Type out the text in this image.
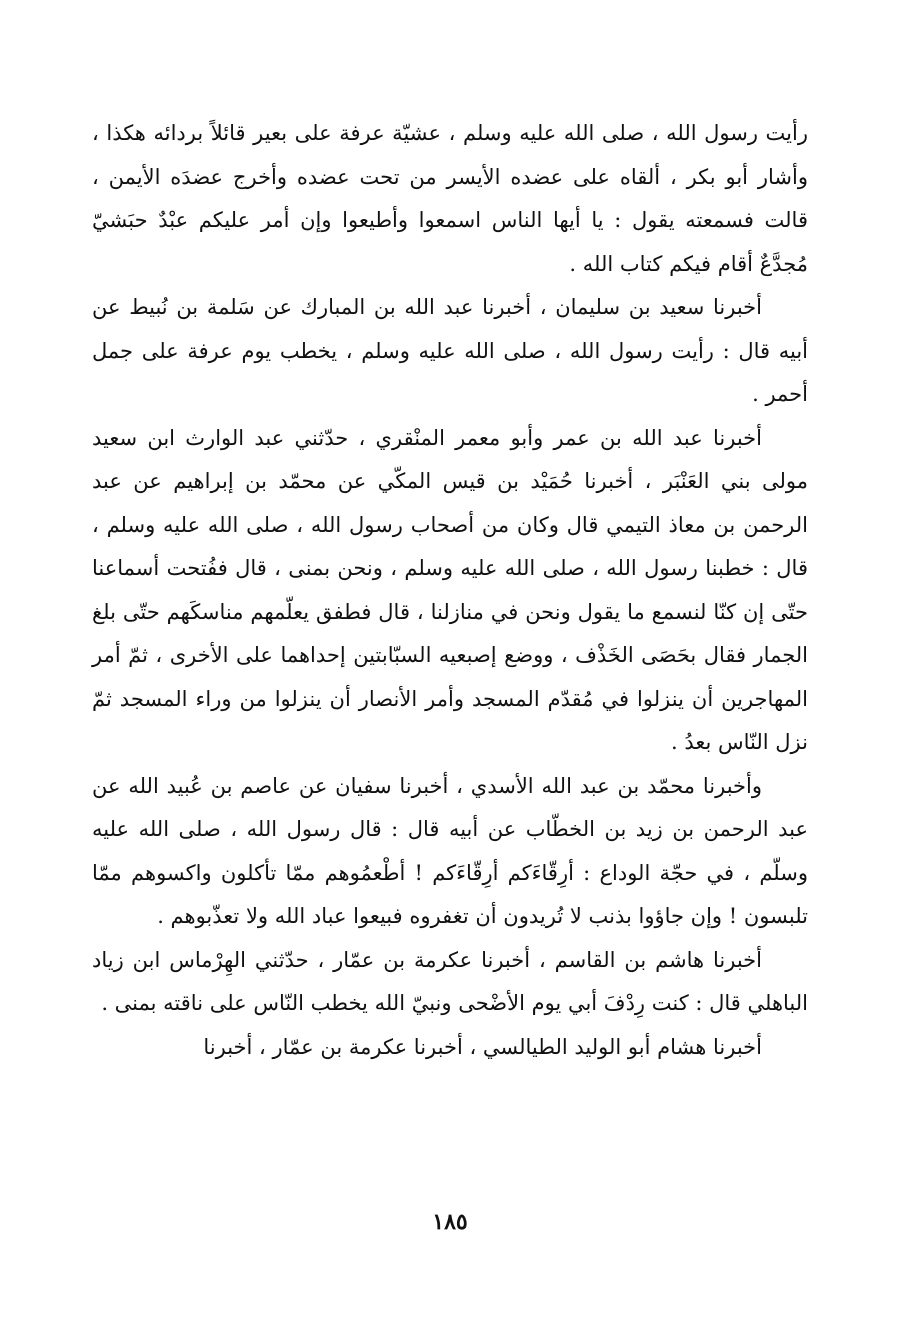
رأيت رسول الله ، صلى الله عليه وسلم ، عشيّة عرفة على بعير قائلاً بردائه هكذا ، وأشار أبو بكر ، ألقاه على عضده الأيسر من تحت عضده وأخرج عضدَه الأيمن ، قالت فسمعته يقول : يا أيها الناس اسمعوا وأطيعوا وإن أمر عليكم عبْدٌ حبَشيّ مُجدَّعٌ أقام فيكم كتاب الله .

أخبرنا سعيد بن سليمان ، أخبرنا عبد الله بن المبارك عن سَلمة بن نُبيط عن أبيه قال : رأيت رسول الله ، صلى الله عليه وسلم ، يخطب يوم عرفة على جمل أحمر .

أخبرنا عبد الله بن عمر وأبو معمر المنْقري ، حدّثني عبد الوارث ابن سعيد مولى بني العَنْبَر ، أخبرنا حُمَيْد بن قيس المكّي عن محمّد بن إبراهيم عن عبد الرحمن بن معاذ التيمي قال وكان من أصحاب رسول الله ، صلى الله عليه وسلم ، قال : خطبنا رسول الله ، صلى الله عليه وسلم ، ونحن بمنى ، قال ففُتحت أسماعنا حتّى إن كنّا لنسمع ما يقول ونحن في منازلنا ، قال فطفق يعلّمهم مناسكَهم حتّى بلغ الجمار فقال بحَصَى الخَذْف ، ووضع إصبعيه السبّابتين إحداهما على الأخرى ، ثمّ أمر المهاجرين أن ينزلوا في مُقدّم المسجد وأمر الأنصار أن ينزلوا من وراء المسجد ثمّ نزل النّاس بعدُ .

وأخبرنا محمّد بن عبد الله الأسدي ، أخبرنا سفيان عن عاصم بن عُبيد الله عن عبد الرحمن بن زيد بن الخطّاب عن أبيه قال : قال رسول الله ، صلى الله عليه وسلّم ، في حجّة الوداع : أرِقّاءَكم أرِقّاءَكم ! أطْعمُوهم ممّا تأكلون واكسوهم ممّا تلبسون ! وإن جاؤوا بذنب لا تُريدون أن تغفروه فبيعوا عباد الله ولا تعذّبوهم .

أخبرنا هاشم بن القاسم ، أخبرنا عكرمة بن عمّار ، حدّثني الهِرْماس ابن زياد الباهلي قال : كنت رِدْفَ أبي يوم الأضْحى ونبيّ الله يخطب النّاس على ناقته بمنى .

أخبرنا هشام أبو الوليد الطيالسي ، أخبرنا عكرمة بن عمّار ، أخبرنا

١٨٥
